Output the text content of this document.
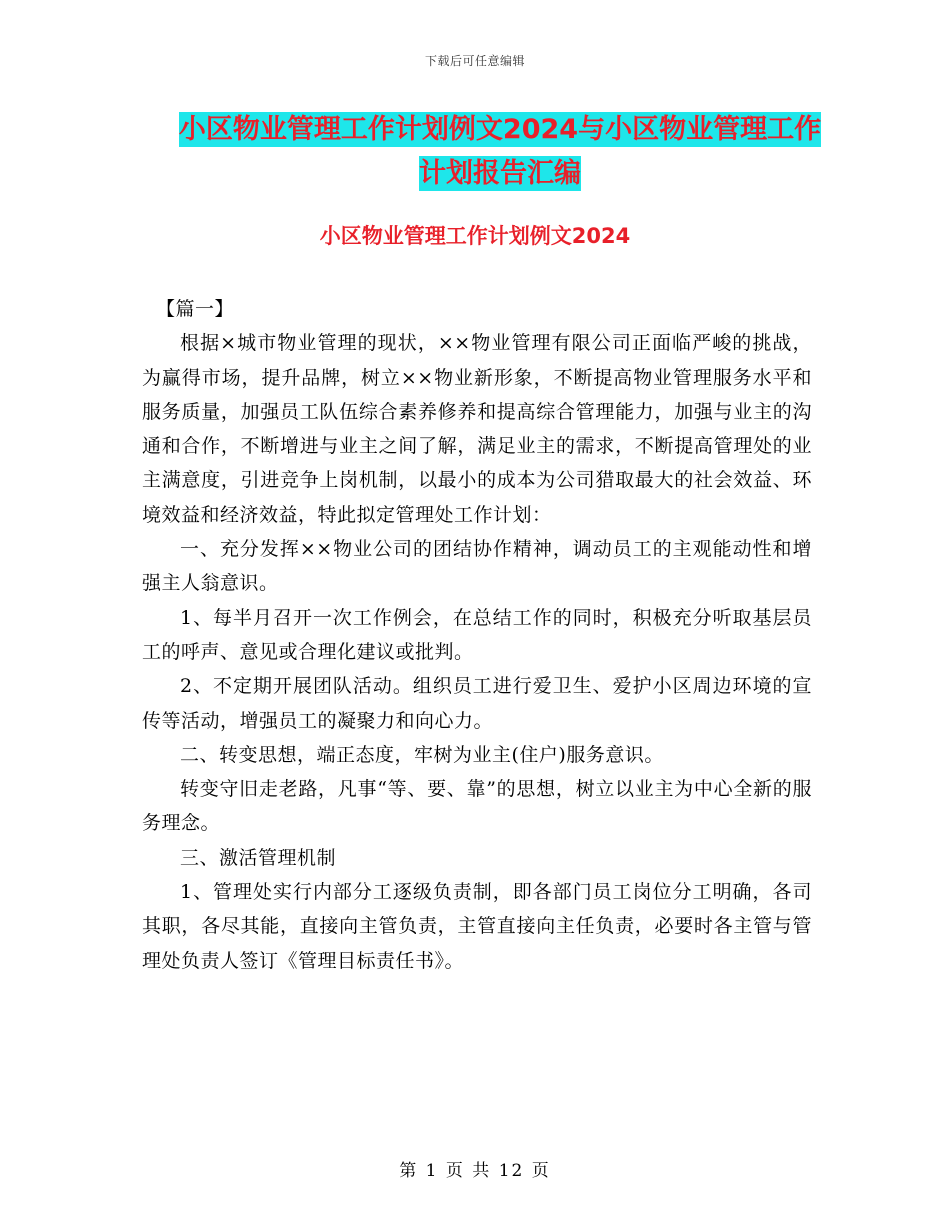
下载后可任意编辑
小区物业管理工作计划例文2024与小区物业管理工作
计划报告汇编
小区物业管理工作计划例文2024

【篇一】

根据×城市物业管理的现状，××物业管理有限公司正面临严峻的挑战，为赢得市场，提升品牌，树立××物业新形象，不断提高物业管理服务水平和服务质量，加强员工队伍综合素养修养和提高综合管理能力，加强与业主的沟通和合作，不断增进与业主之间了解，满足业主的需求，不断提高管理处的业主满意度，引进竞争上岗机制，以最小的成本为公司猎取最大的社会效益、环境效益和经济效益，特此拟定管理处工作计划：

一、充分发挥××物业公司的团结协作精神，调动员工的主观能动性和增强主人翁意识。

1、每半月召开一次工作例会，在总结工作的同时，积极充分听取基层员工的呼声、意见或合理化建议或批判。

2、不定期开展团队活动。组织员工进行爱卫生、爱护小区周边环境的宣传等活动，增强员工的凝聚力和向心力。

二、转变思想，端正态度，牢树为业主(住户)服务意识。

转变守旧走老路，凡事“等、要、靠”的思想，树立以业主为中心全新的服务理念。

三、激活管理机制

1、管理处实行内部分工逐级负责制，即各部门员工岗位分工明确，各司其职，各尽其能，直接向主管负责，主管直接向主任负责，必要时各主管与管理处负责人签订《管理目标责任书》。

第 1 页 共 12 页
